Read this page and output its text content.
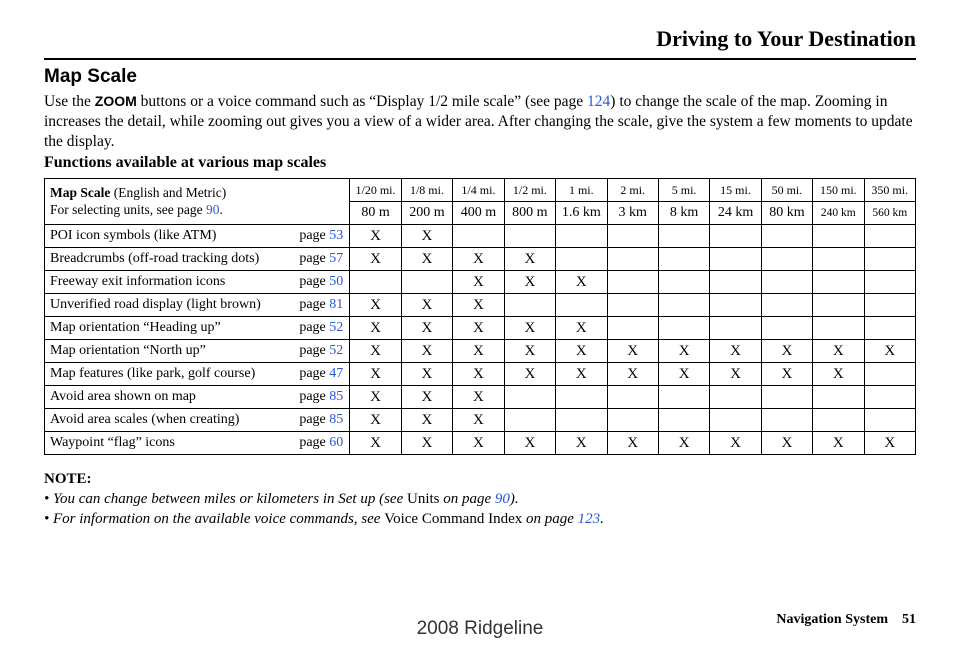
Driving to Your Destination
Map Scale
Use the ZOOM buttons or a voice command such as “Display 1/2 mile scale” (see page 124) to change the scale of the map. Zooming in increases the detail, while zooming out gives you a view of a wider area. After changing the scale, give the system a few moments to update the display.
Functions available at various map scales
Map Scale (English and Metric)
For selecting units, see page 90.		1/20 mi.	1/8 mi.	1/4 mi.	1/2 mi.	1 mi.	2 mi.	5 mi.	15 mi.	50 mi.	150 mi.	350 mi.
		80 m	200 m	400 m	800 m	1.6 km	3 km	8 km	24 km	80 km	240 km	560 km
POI icon symbols (like ATM)	page 53	X	X									
Breadcrumbs (off-road tracking dots)	page 57	X	X	X	X							
Freeway exit information icons	page 50			X	X	X						
Unverified road display (light brown)	page 81	X	X	X								
Map orientation “Heading up”	page 52	X	X	X	X	X						
Map orientation “North up”	page 52	X	X	X	X	X	X	X	X	X	X	X
Map features (like park, golf course)	page 47	X	X	X	X	X	X	X	X	X	X	
Avoid area shown on map	page 85	X	X	X								
Avoid area scales (when creating)	page 85	X	X	X								
Waypoint “flag” icons	page 60	X	X	X	X	X	X	X	X	X	X	X
NOTE:
• You can change between miles or kilometers in Set up (see Units on page 90).
• For information on the available voice commands, see Voice Command Index on page 123.
Navigation System 51
2008 Ridgeline
